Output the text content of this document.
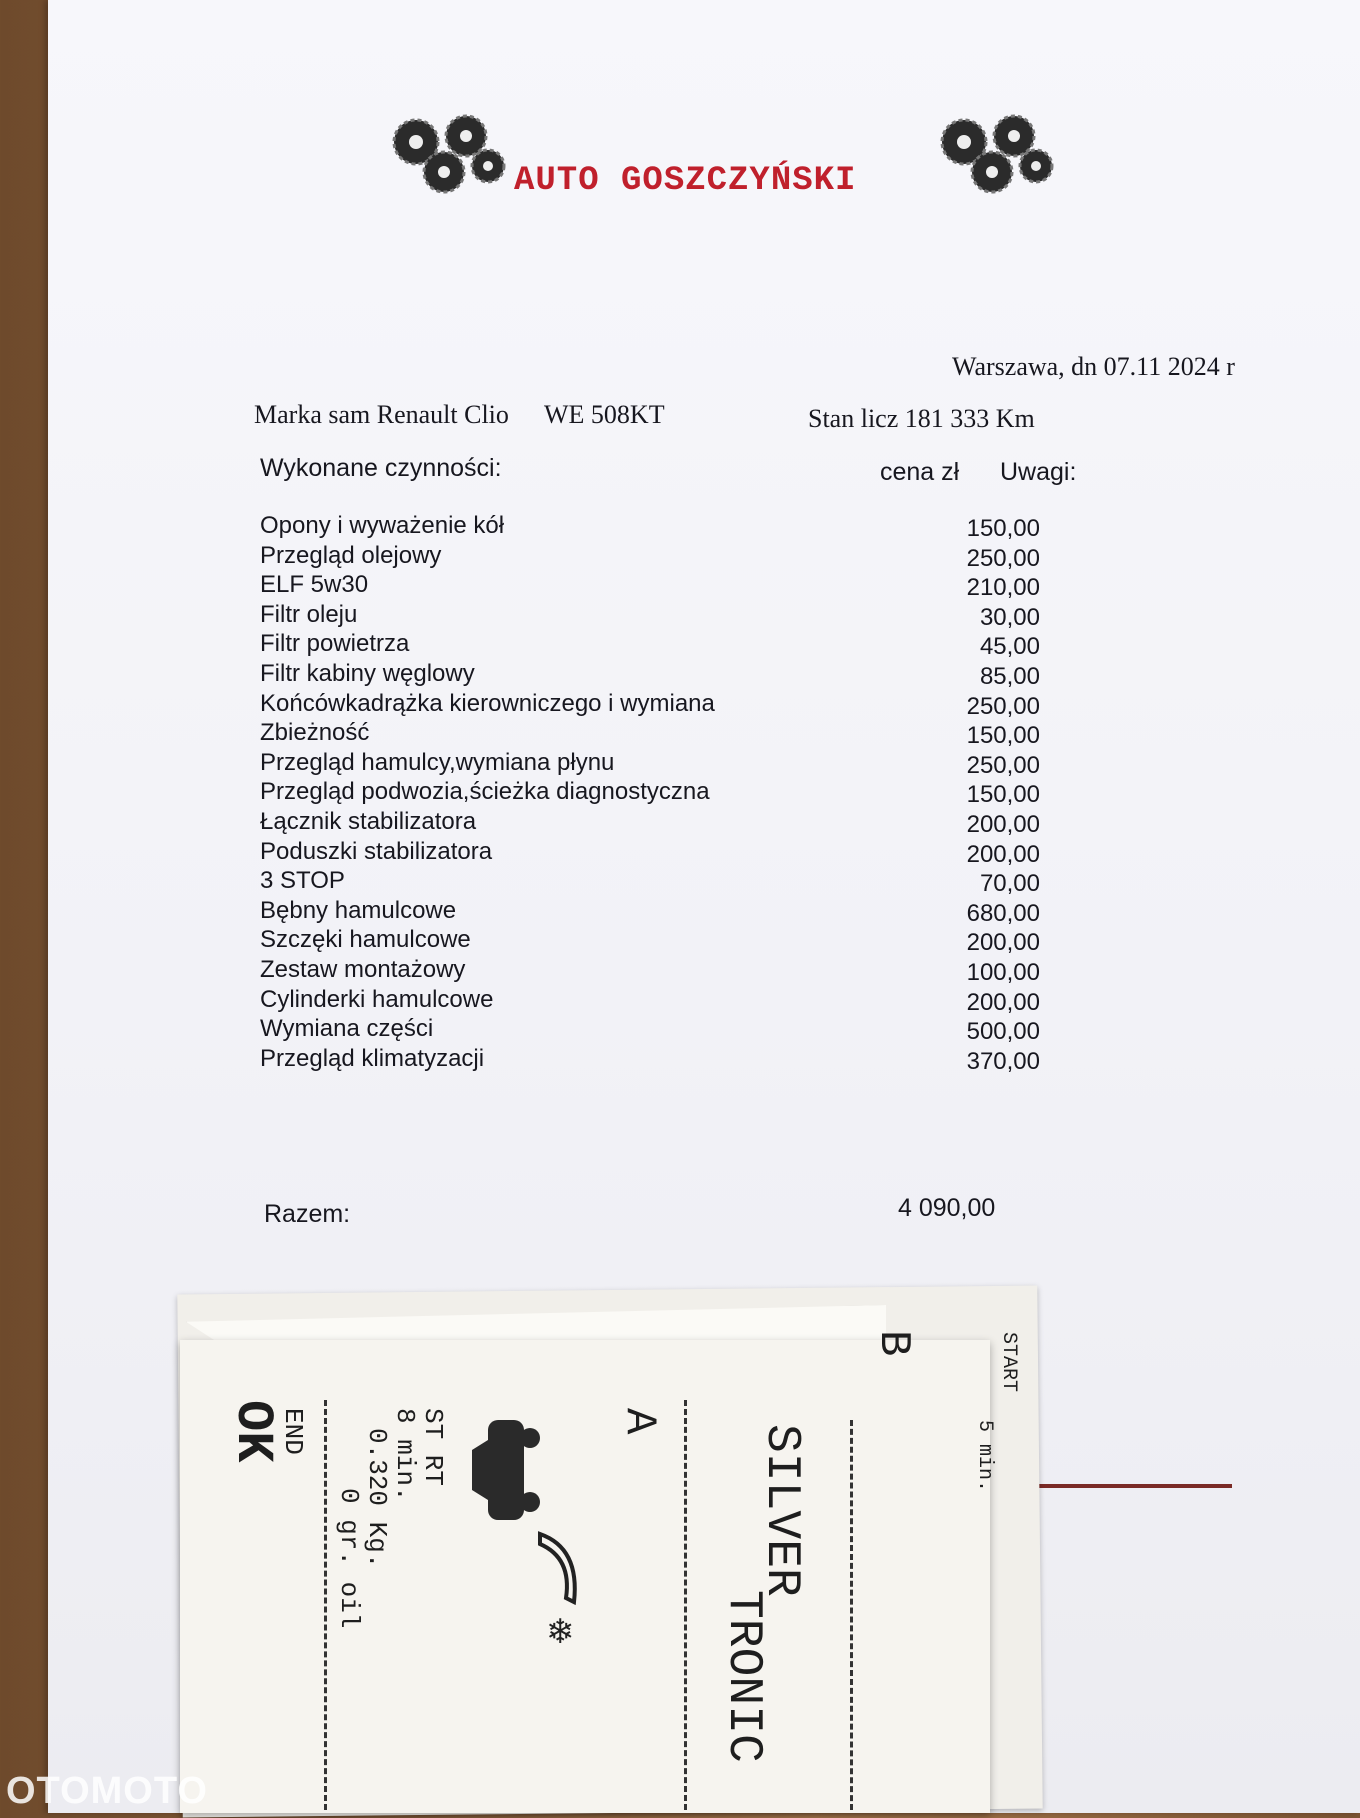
AUTO GOSZCZYŃSKI
Warszawa, dn 07.11 2024 r
Marka sam Renault Clio WE 508KT	Stan licz 181 333 Km
Wykonane czynności:	cena zł Uwagi:
Opony i wyważenie kół	150,00
Przegląd olejowy	250,00
ELF 5w30	210,00
Filtr oleju	30,00
Filtr powietrza	45,00
Filtr kabiny węglowy	85,00
Końcówkadrążka kierowniczego i wymiana	250,00
Zbieżność	150,00
Przegląd hamulcy,wymiana płynu	250,00
Przegląd podwozia,ścieżka diagnostyczna	150,00
Łącznik stabilizatora	200,00
Poduszki stabilizatora	200,00
3 STOP	70,00
Bębny hamulcowe	680,00
Szczęki hamulcowe	200,00
Zestaw montażowy	100,00
Cylinderki hamulcowe	200,00
Wymiana części	500,00
Przegląd klimatyzacji	370,00
Razem:	4 090,00
ST RT
8 min.
0.320 Kg.
0 gr. oil
END
OK	A
SILVER
TRONIC
B	START
5 min.
❄
OTOMOTO
